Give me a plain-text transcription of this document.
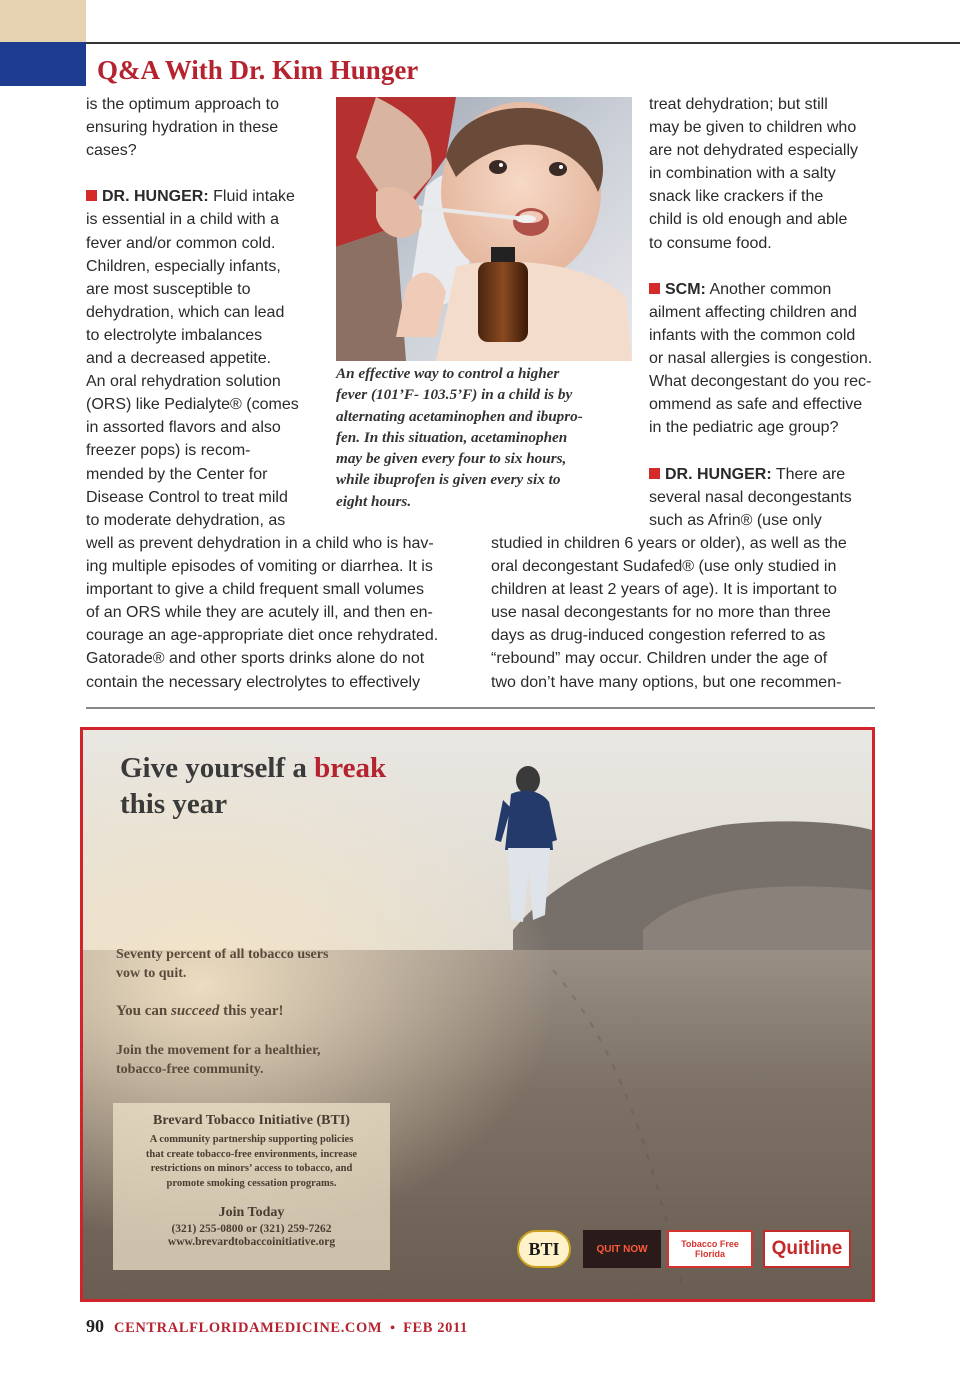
Q&A With Dr. Kim Hunger

is the optimum approach to

ensuring hydration in these

cases?

DR. HUNGER: Fluid intake

is essential in a child with a

fever and/or common cold.

Children, especially infants,

are most susceptible to

dehydration, which can lead

to electrolyte imbalances

and a decreased appetite.

An oral rehydration solution

(ORS) like Pedialyte® (comes

in assorted flavors and also

freezer pops) is recom-

mended by the Center for

Disease Control to treat mild

to moderate dehydration, as

An effective way to control a higher

fever (101’F- 103.5’F) in a child is by

alternating acetaminophen and ibupro-

fen. In this situation, acetaminophen

may be given every four to six hours,

while ibuprofen is given every six to

eight hours.

treat dehydration; but still

may be given to children who

are not dehydrated especially

in combination with a salty

snack like crackers if the

child is old enough and able

to consume food.

SCM: Another common

ailment affecting children and

infants with the common cold

or nasal allergies is congestion.

What decongestant do you rec-

ommend as safe and effective

in the pediatric age group?

DR. HUNGER: There are

several nasal decongestants

such as Afrin® (use only

well as prevent dehydration in a child who is hav-

ing multiple episodes of vomiting or diarrhea. It is

important to give a child frequent small volumes

of an ORS while they are acutely ill, and then en-

courage an age-appropriate diet once rehydrated.

Gatorade® and other sports drinks alone do not

contain the necessary electrolytes to effectively

studied in children 6 years or older), as well as the

oral decongestant Sudafed® (use only studied in

children at least 2 years of age). It is important to

use nasal decongestants for no more than three

days as drug-induced congestion referred to as

“rebound” may occur. Children under the age of

two don’t have many options, but one recommen-

Give yourself a break

this year

Seventy percent of all tobacco users

vow to quit.

You can succeed this year!

Join the movement for a healthier,

tobacco-free community.

Brevard Tobacco Initiative (BTI)

A community partnership supporting policies

that create tobacco-free environments, increase

restrictions on minors’ access to tobacco, and

promote smoking cessation programs.

Join Today

(321) 255-0800 or (321) 259-7262

www.brevardtobaccoinitiative.org	BTI	QUIT NOW	Tobacco Free Florida	Quitline
90 CENTRALFLORIDAMEDICINE.COM • FEB 2011
